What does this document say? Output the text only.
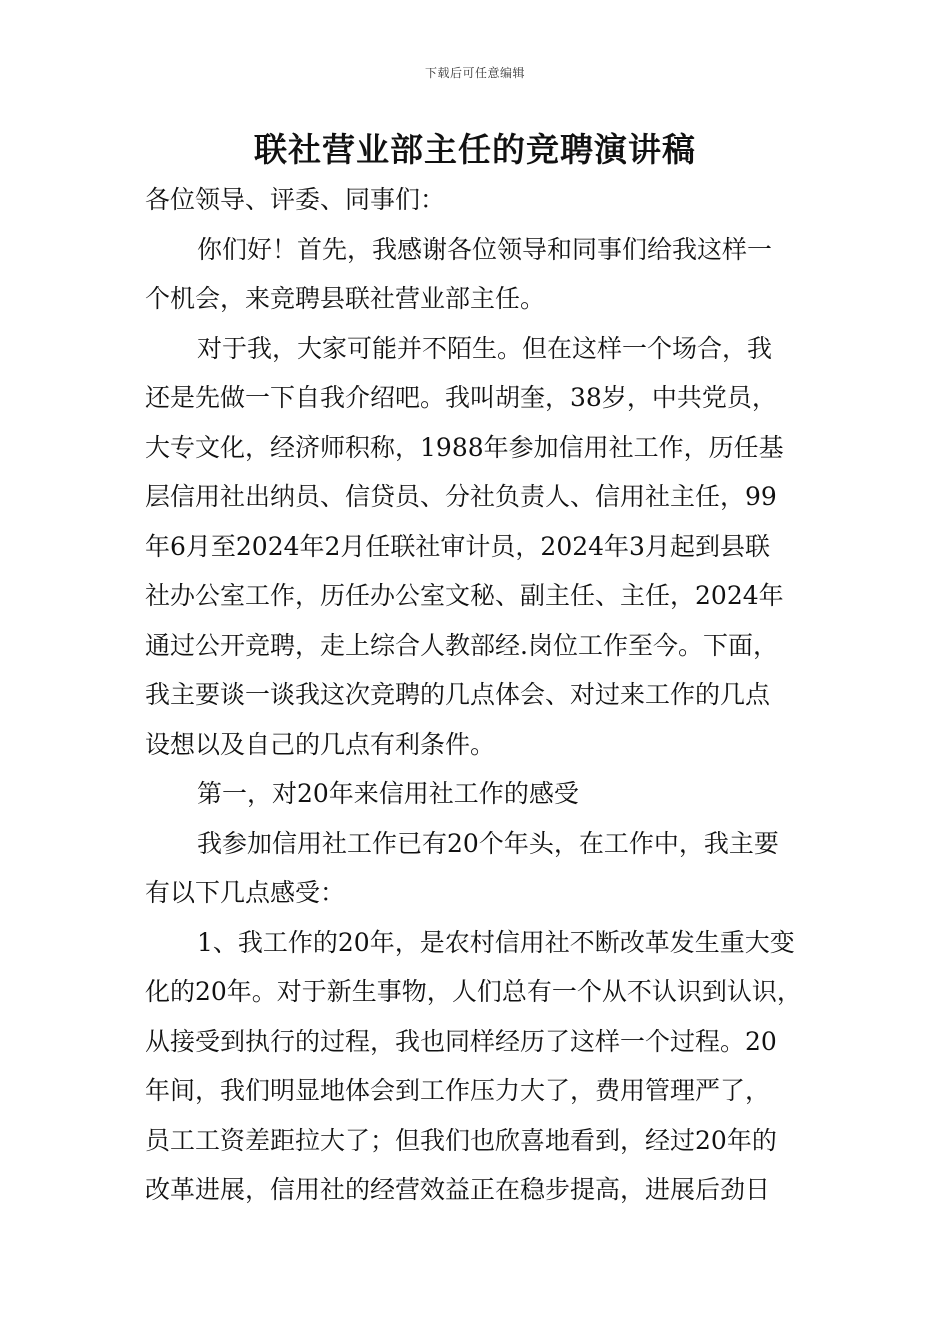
下载后可任意编辑
联社营业部主任的竞聘演讲稿
各位领导、评委、同事们：
你们好！首先，我感谢各位领导和同事们给我这样一
个机会，来竞聘县联社营业部主任。
对于我，大家可能并不陌生。但在这样一个场合，我
还是先做一下自我介绍吧。我叫胡奎，38岁，中共党员，
大专文化，经济师积称，1988年参加信用社工作，历任基
层信用社出纳员、信贷员、分社负责人、信用社主任，99
年6月至2024年2月任联社审计员，2024年3月起到县联
社办公室工作，历任办公室文秘、副主任、主任，2024年
通过公开竞聘，走上综合人教部经.岗位工作至今。下面，
我主要谈一谈我这次竞聘的几点体会、对过来工作的几点
设想以及自己的几点有利条件。
第一，对20年来信用社工作的感受
我参加信用社工作已有20个年头，在工作中，我主要
有以下几点感受：
1、我工作的20年，是农村信用社不断改革发生重大变
化的20年。对于新生事物，人们总有一个从不认识到认识，
从接受到执行的过程，我也同样经历了这样一个过程。20
年间，我们明显地体会到工作压力大了，费用管理严了，
员工工资差距拉大了；但我们也欣喜地看到，经过20年的
改革进展，信用社的经营效益正在稳步提高，进展后劲日
